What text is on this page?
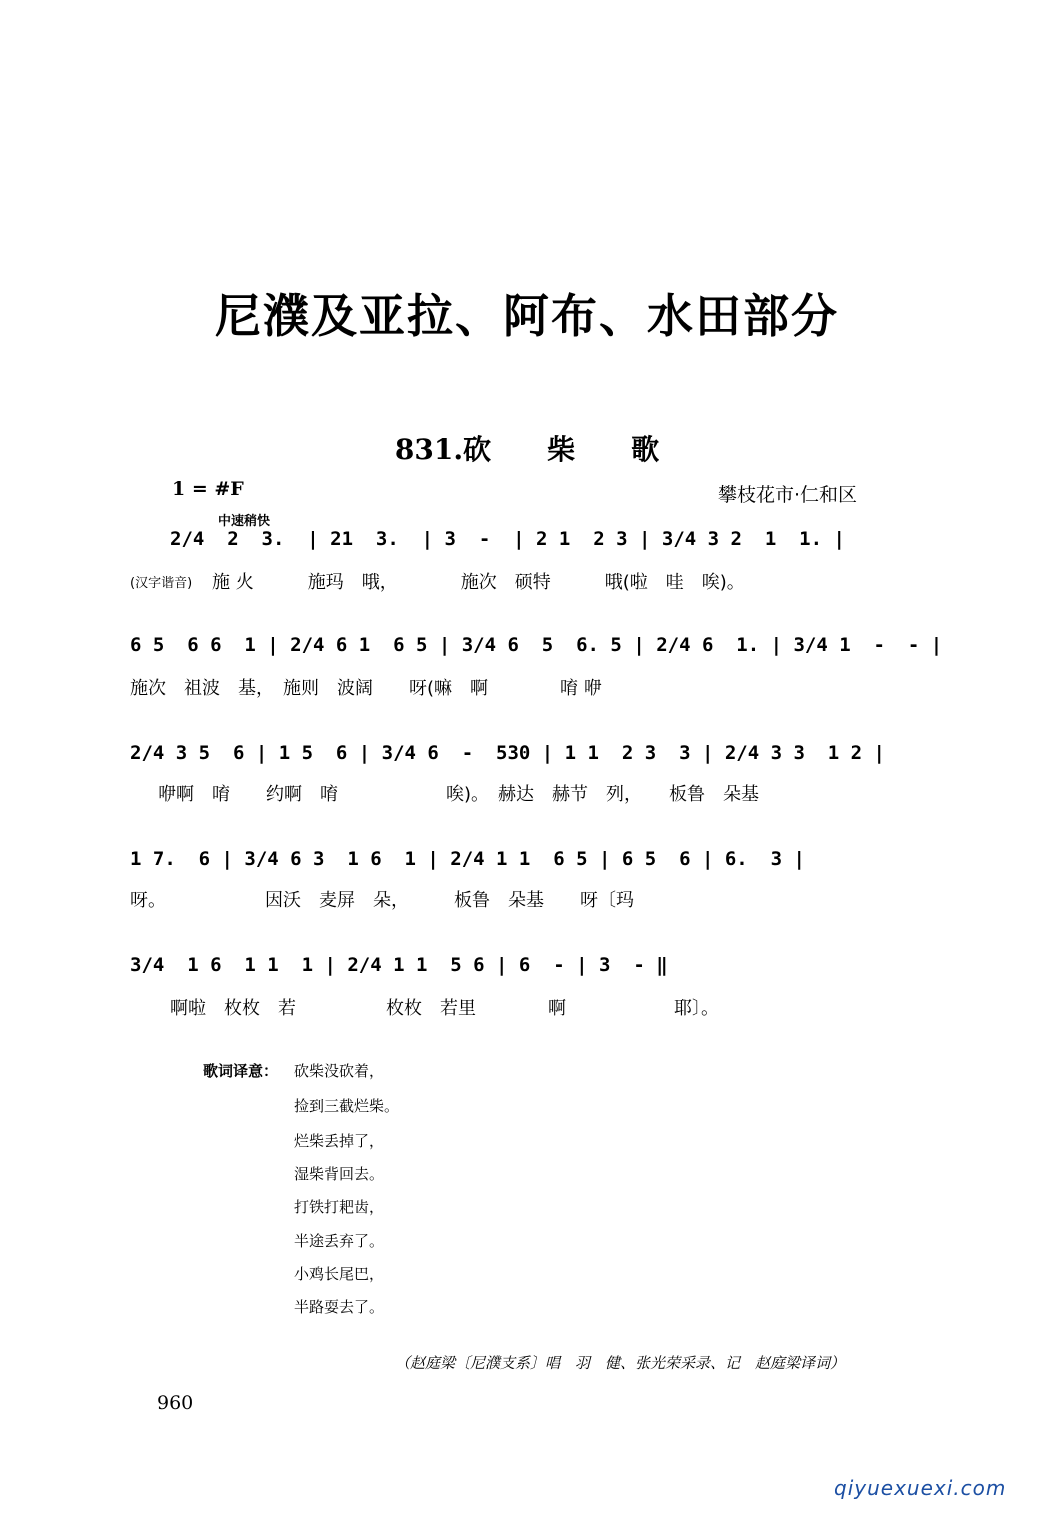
尼濮及亚拉、阿布、水田部分
831.砍　　柴　　歌
1 = #F	攀枝花市·仁和区
中速稍快
2/4  2  3.  | 21  3.  | 3  -  | 2 1  2 3 | 3/4 3 2  1  1. |
(汉字谐音) 施 火　　　施玛　哦，　　　　施次　硕特　　　哦(啦　哇　唉)。
6 5  6 6  1 | 2/4 6 1  6 5 | 3/4 6  5  6. 5 | 2/4 6  1. | 3/4 1  -  - |
施次　祖波　基，　施则　波阔　　呀(嘛　啊　　　　唷 咿
2/4 3 5  6 | 1 5  6 | 3/4 6  -  530 | 1 1  2 3  3 | 2/4 3 3  1 2 |
咿啊　唷　　约啊　唷　　　　　　唉)。　赫达　赫节　列，　　板鲁　朵基
1 7.  6 | 3/4 6 3  1 6  1 | 2/4 1 1  6 5 | 6 5  6 | 6.  3 |
呀。　　　　　　因沃　麦屏　朵，　　　板鲁　朵基　　呀〔玛
3/4  1 6  1 1  1 | 2/4 1 1  5 6 | 6  - | 3  - ‖
啊啦　枚枚　若　　　　　枚枚　若里　　　　啊　　　　　　耶〕。
歌词译意： 砍柴没砍着，
捡到三截烂柴。
烂柴丢掉了，
湿柴背回去。
打铁打耙齿，
半途丢弃了。
小鸡长尾巴，
半路耍去了。
（赵庭梁〔尼濮支系〕唱　羽　健、张光荣采录、记　赵庭梁译词）
960
qiyuexuexi.com
